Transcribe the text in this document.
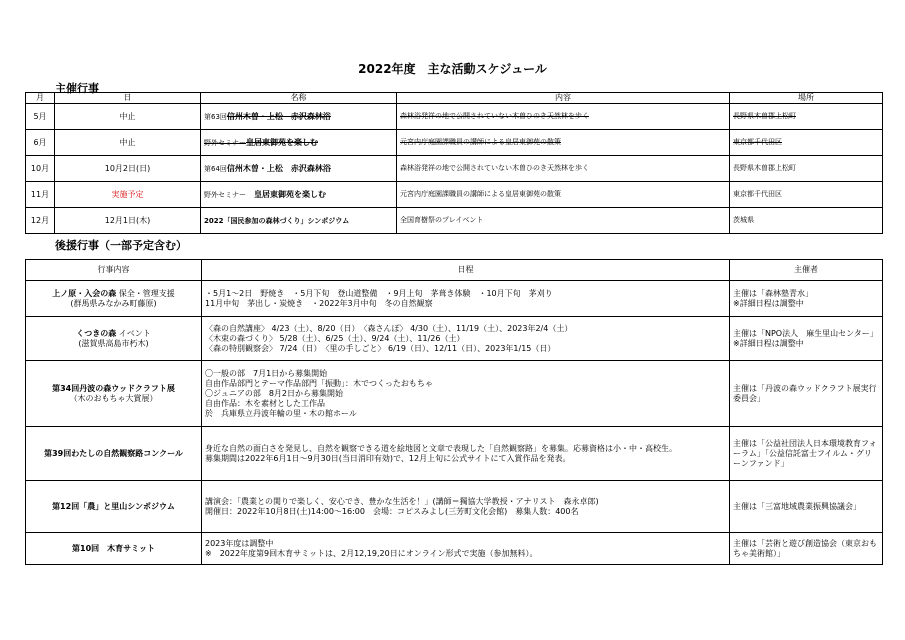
2022年度　主な活動スケジュール
主催行事
月	日	名称	内容	場所
5月	中止	第63回信州木曽・上松　赤沢森林浴	森林浴発祥の地で公開されていない木曽ひのき天然林を歩く	長野県木曽郡上松町
6月	中止	野外セミナー皇居東御苑を楽しむ	元宮内庁庭園課職員の講師による皇居東御苑の散策	東京都千代田区
10月	10月2日(日)	第64回信州木曽・上松　赤沢森林浴	森林浴発祥の地で公開されていない木曽ひのき天然林を歩く	長野県木曽郡上松町
11月	実施予定	野外セミナー　 皇居東御苑を楽しむ	元宮内庁庭園課職員の講師による皇居東御苑の散策	東京都千代田区
12月	12月1日(木)	2022「国民参加の森林づくり」シンポジウム	全国育樹祭のプレイベント	茨城県
後援行事（一部予定含む）
行事内容	日程	主催者
上ノ原・入会の森 保全・管理支援
(群馬県みなかみ町藤原)	・5月1～2日　野焼き　・5月下旬　登山道整備　・9月上旬　茅葺き体験　・10月下旬　茅刈り
11月中旬　茅出し・炭焼き　・2022年3月中旬　冬の自然観察	主催は「森林塾青水」
※詳細日程は調整中

くつきの森 イベント
(滋賀県高島市朽木)	〈森の自然講座〉 4/23（土）、8/20（日）　〈森さんぽ〉 4/30（土）、11/19（土）、2023年2/4（土）
〈木束の森づくり〉 5/28（土）、6/25（土）、9/24（土）、11/26（土）
〈森の特別観察会〉 7/24（日）　〈里の手しごと〉 6/19（日）、12/11（日）、2023年1/15（日）	主催は「NPO法人　麻生里山センター」
※詳細日程は調整中

第34回丹波の森ウッドクラフト展
（木のおもちゃ大賞展）	〇一般の部　7月1日から募集開始
自由作品部門とテーマ作品部門「振動」：木でつくったおもちゃ
〇ジュニアの部　8月2日から募集開始
自由作品：木を素材とした工作品
於　兵庫県立丹波年輪の里・木の館ホール	主催は「丹波の森ウッドクラフト展実行委員会」

第39回わたしの自然観察路コンクール	身近な自然の面白さを発見し、自然を観察できる道を絵地図と文章で表現した「自然観察路」を募集。応募資格は小・中・高校生。
募集期間は2022年6月1日～9月30日(当日消印有効)で、12月上旬に公式サイトにて入賞作品を発表。	主催は「公益社団法人日本環境教育フォーラム」「公益信託富士フイルム・グリーンファンド」

第12回「農」と里山シンポジウム	講演会：「農業との関りで楽しく、安心でき、豊かな生活を！」(講師＝獨協大学教授・アナリスト　森永卓郎)
開催日：2022年10月8日(土)14:00～16:00　会場：コピスみよし(三芳町文化会館)　募集人数：400名	主催は「三富地域農業振興協議会」

第10回　木育サミット	2023年度は調整中
※　2022年度第9回木育サミットは、2月12,19,20日にオンライン形式で実施（参加無料）。	主催は「芸術と遊び創造協会（東京おもちゃ美術館）」
